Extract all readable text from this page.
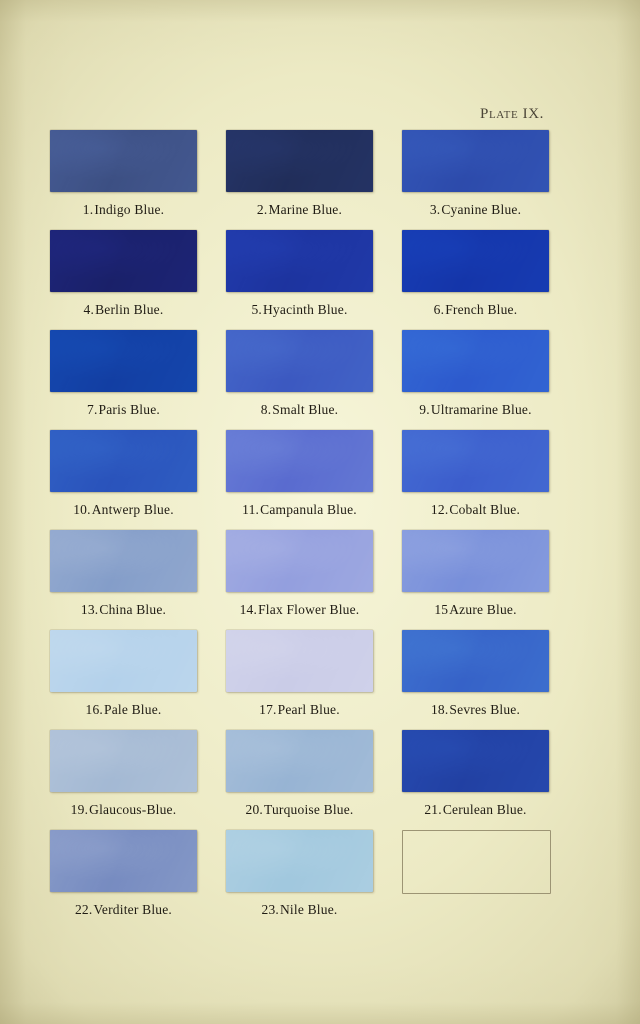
Plate IX.
1.Indigo Blue.	2.Marine Blue.	3.Cyanine Blue.
4.Berlin Blue.	5.Hyacinth Blue.	6.French Blue.
7.Paris Blue.	8.Smalt Blue.	9.Ultramarine Blue.
10.Antwerp Blue.	11.Campanula Blue.	12.Cobalt Blue.
13.China Blue.	14.Flax Flower Blue.	15Azure Blue.
16.Pale Blue.	17.Pearl Blue.	18.Sevres Blue.
19.Glaucous-Blue.	20.Turquoise Blue.	21.Cerulean Blue.
22.Verditer Blue.	23.Nile Blue.
